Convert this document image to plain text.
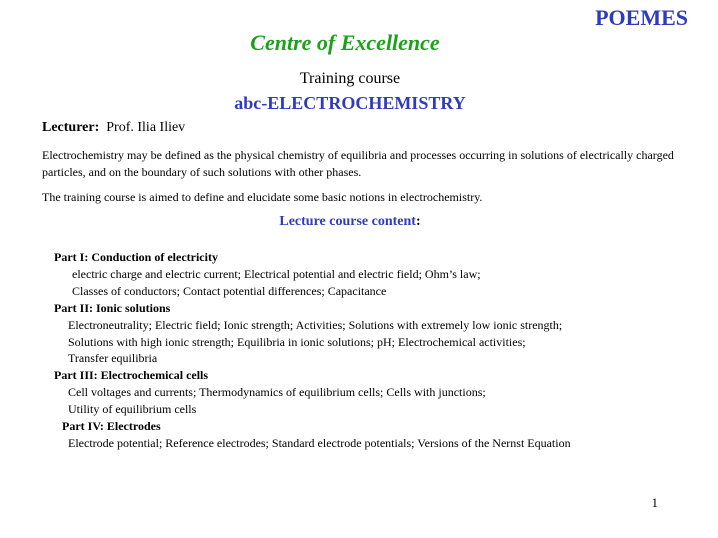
POEMES
Centre of Excellence
Training course
abc-ELECTROCHEMISTRY
Lecturer: Prof. Ilia Iliev
Electrochemistry may be defined as the physical chemistry of equilibria and processes occurring in solutions of electrically charged particles, and on the boundary of such solutions with other phases.
The training course is aimed to define and elucidate some basic notions in electrochemistry.
Lecture course content:
Part I: Conduction of electricity
electric charge and electric current; Electrical potential and electric field; Ohm’s law;
Classes of conductors; Contact potential differences; Capacitance
Part II: Ionic solutions
Electroneutrality; Electric field; Ionic strength; Activities; Solutions with extremely low ionic strength;
Solutions with high ionic strength; Equilibria in ionic solutions; pH; Electrochemical activities;
Transfer equilibria
Part III: Electrochemical cells
Cell voltages and currents; Thermodynamics of equilibrium cells; Cells with junctions;
Utility of equilibrium cells
Part IV: Electrodes
Electrode potential; Reference electrodes; Standard electrode potentials; Versions of the Nernst Equation
1
